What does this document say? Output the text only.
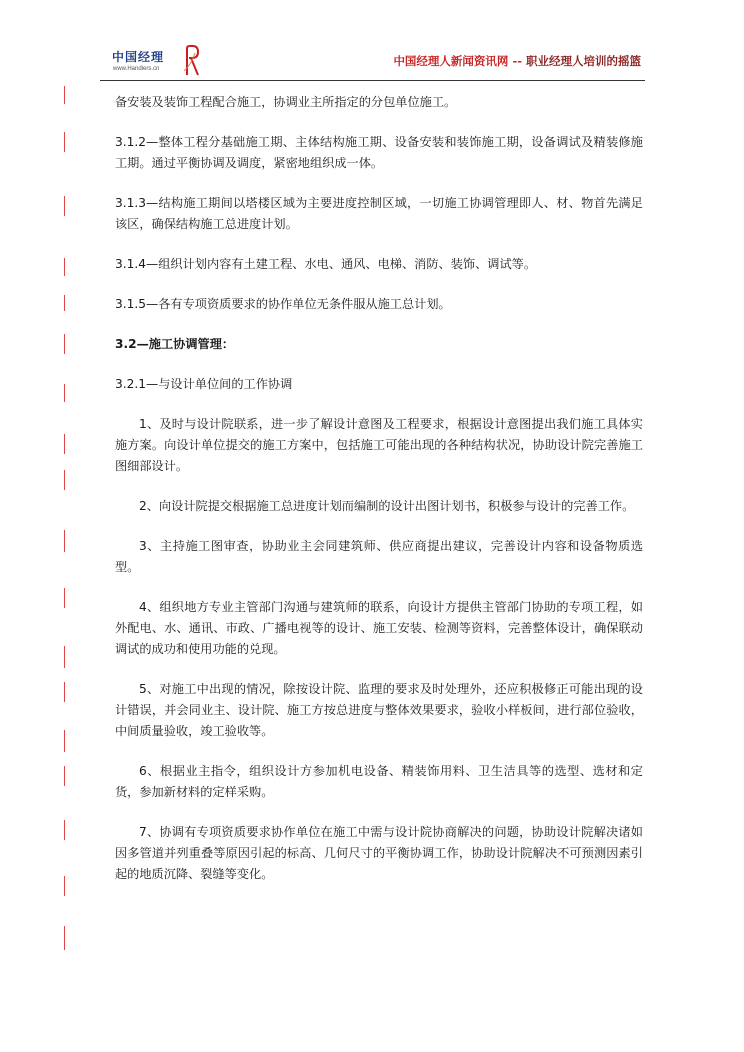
中国经理
www.Handlers.cn
中国经理人新闻资讯网 -- 职业经理人培训的摇篮

备安装及装饰工程配合施工，协调业主所指定的分包单位施工。

3.1.2—整体工程分基础施工期、主体结构施工期、设备安装和装饰施工期，设备调试及精装修施工期。通过平衡协调及调度，紧密地组织成一体。

3.1.3—结构施工期间以塔楼区域为主要进度控制区域，一切施工协调管理即人、材、物首先满足该区，确保结构施工总进度计划。

3.1.4—组织计划内容有土建工程、水电、通风、电梯、消防、装饰、调试等。

3.1.5—各有专项资质要求的协作单位无条件服从施工总计划。

3.2—施工协调管理：

3.2.1—与设计单位间的工作协调

1、及时与设计院联系，进一步了解设计意图及工程要求，根据设计意图提出我们施工具体实施方案。向设计单位提交的施工方案中，包括施工可能出现的各种结构状况，协助设计院完善施工图细部设计。

2、向设计院提交根据施工总进度计划而编制的设计出图计划书，积极参与设计的完善工作。

3、主持施工图审查，协助业主会同建筑师、供应商提出建议，完善设计内容和设备物质选型。

4、组织地方专业主管部门沟通与建筑师的联系，向设计方提供主管部门协助的专项工程，如外配电、水、通讯、市政、广播电视等的设计、施工安装、检测等资料，完善整体设计，确保联动调试的成功和使用功能的兑现。

5、对施工中出现的情况，除按设计院、监理的要求及时处理外，还应积极修正可能出现的设计错误，并会同业主、设计院、施工方按总进度与整体效果要求，验收小样板间，进行部位验收，中间质量验收，竣工验收等。

6、根据业主指令，组织设计方参加机电设备、精装饰用料、卫生洁具等的选型、选材和定货，参加新材料的定样采购。

7、协调有专项资质要求协作单位在施工中需与设计院协商解决的问题，协助设计院解决诸如因多管道并列重叠等原因引起的标高、几何尺寸的平衡协调工作，协助设计院解决不可预测因素引起的地质沉降、裂缝等变化。
